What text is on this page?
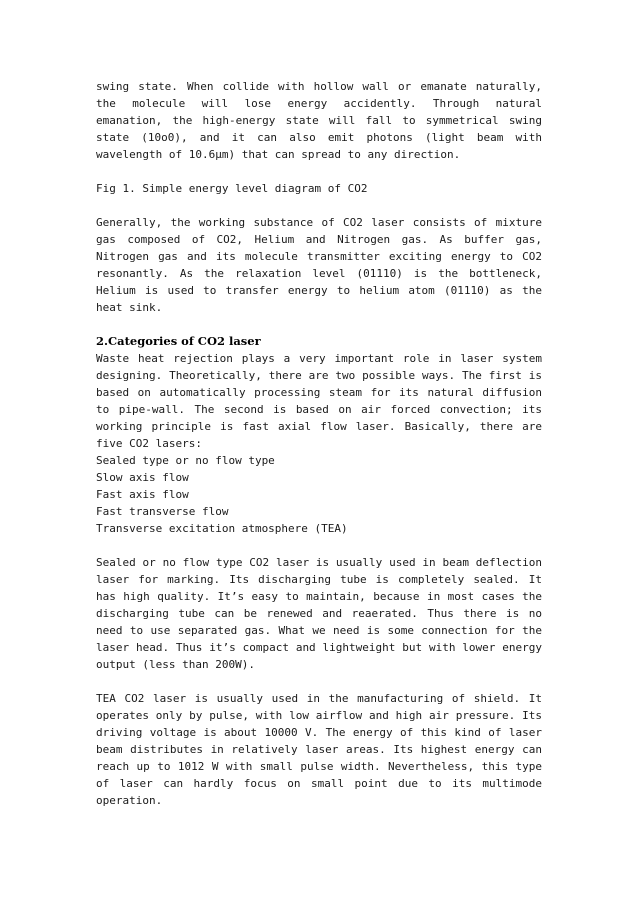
swing state. When collide with hollow wall or emanate naturally, the molecule will lose energy accidently. Through natural emanation, the high-energy state will fall to symmetrical swing state (10o0), and it can also emit photons (light beam with wavelength of 10.6μm) that can spread to any direction.

Fig 1. Simple energy level diagram of CO2

Generally, the working substance of CO2 laser consists of mixture gas composed of CO2, Helium and Nitrogen gas. As buffer gas, Nitrogen gas and its molecule transmitter exciting energy to CO2 resonantly. As the relaxation level (01110) is the bottleneck, Helium is used to transfer energy to helium atom (01110) as the heat sink.

2.Categories of CO2 laser

Waste heat rejection plays a very important role in laser system designing. Theoretically, there are two possible ways. The first is based on automatically processing steam for its natural diffusion to pipe-wall. The second is based on air forced convection; its working principle is fast axial flow laser. Basically, there are five CO2 lasers:

Sealed type or no flow type
Slow axis flow
Fast axis flow
Fast transverse flow
Transverse excitation atmosphere (TEA)

Sealed or no flow type CO2 laser is usually used in beam deflection laser for marking. Its discharging tube is completely sealed. It has high quality. It’s easy to maintain, because in most cases the discharging tube can be renewed and reaerated. Thus there is no need to use separated gas. What we need is some connection for the laser head. Thus it’s compact and lightweight but with lower energy output (less than 200W).

TEA CO2 laser is usually used in the manufacturing of shield. It operates only by pulse, with low airflow and high air pressure. Its driving voltage is about 10000 V. The energy of this kind of laser beam distributes in relatively laser areas. Its highest energy can reach up to 1012 W with small pulse width. Nevertheless, this type of laser can hardly focus on small point due to its multimode operation.
